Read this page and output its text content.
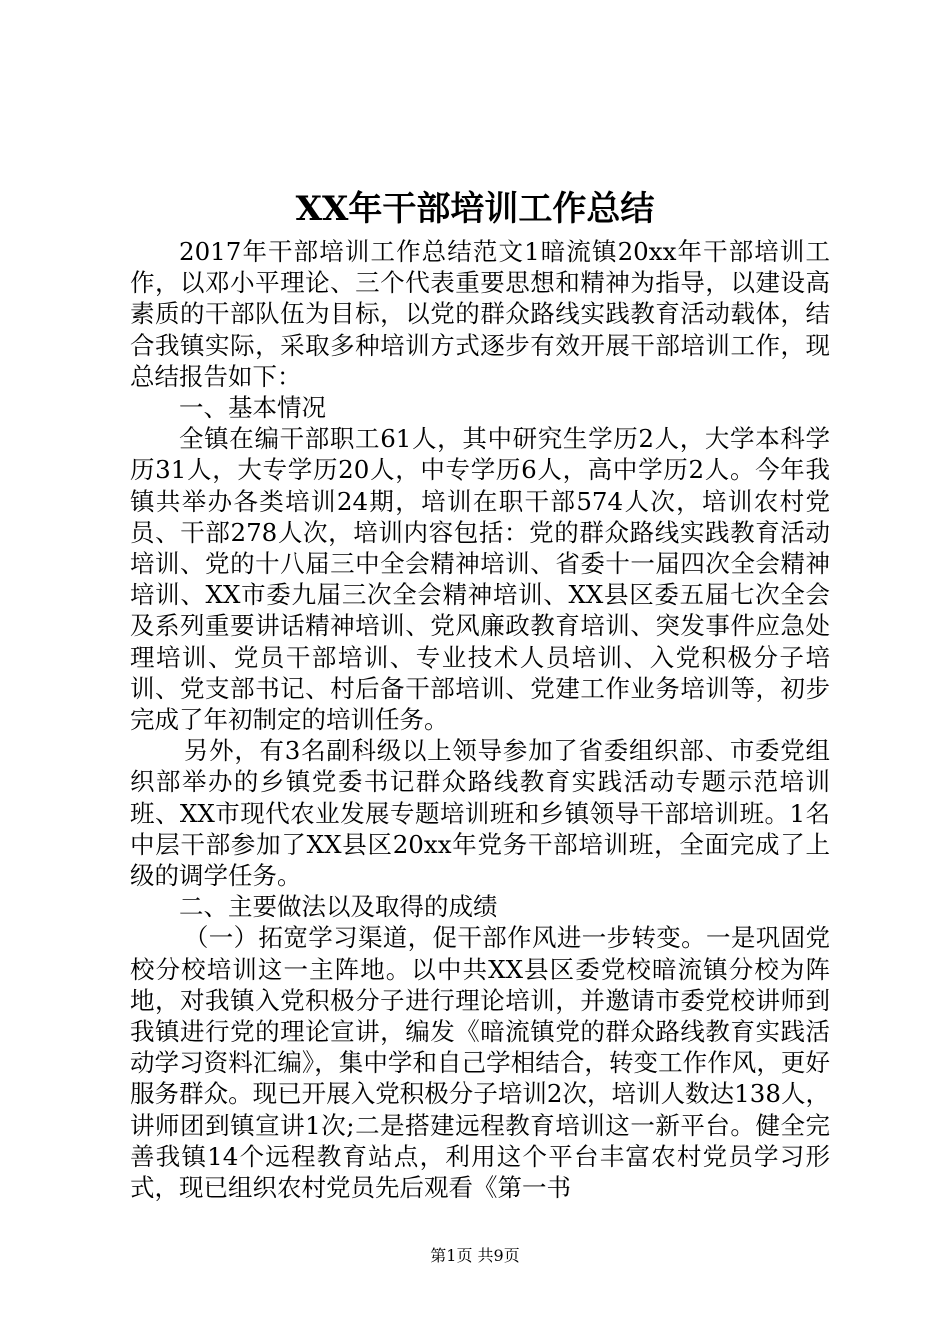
XX年干部培训工作总结

2017年干部培训工作总结范文1暗流镇20xx年干部培训工作，以邓小平理论、三个代表重要思想和精神为指导，以建设高素质的干部队伍为目标，以党的群众路线实践教育活动载体，结合我镇实际，采取多种培训方式逐步有效开展干部培训工作，现总结报告如下：

一、基本情况

全镇在编干部职工61人，其中研究生学历2人，大学本科学历31人，大专学历20人，中专学历6人，高中学历2人。今年我镇共举办各类培训24期，培训在职干部574人次，培训农村党员、干部278人次，培训内容包括：党的群众路线实践教育活动培训、党的十八届三中全会精神培训、省委十一届四次全会精神培训、XX市委九届三次全会精神培训、XX县区委五届七次全会及系列重要讲话精神培训、党风廉政教育培训、突发事件应急处理培训、党员干部培训、专业技术人员培训、入党积极分子培训、党支部书记、村后备干部培训、党建工作业务培训等，初步完成了年初制定的培训任务。

另外，有3名副科级以上领导参加了省委组织部、市委党组织部举办的乡镇党委书记群众路线教育实践活动专题示范培训班、XX市现代农业发展专题培训班和乡镇领导干部培训班。1名中层干部参加了XX县区20xx年党务干部培训班，全面完成了上级的调学任务。

二、主要做法以及取得的成绩

（一）拓宽学习渠道，促干部作风进一步转变。一是巩固党校分校培训这一主阵地。以中共XX县区委党校暗流镇分校为阵地，对我镇入党积极分子进行理论培训，并邀请市委党校讲师到我镇进行党的理论宣讲，编发《暗流镇党的群众路线教育实践活动学习资料汇编》，集中学和自己学相结合，转变工作作风，更好服务群众。现已开展入党积极分子培训2次，培训人数达138人，讲师团到镇宣讲1次;二是搭建远程教育培训这一新平台。健全完善我镇14个远程教育站点，利用这个平台丰富农村党员学习形式，现已组织农村党员先后观看《第一书

第1页 共9页
